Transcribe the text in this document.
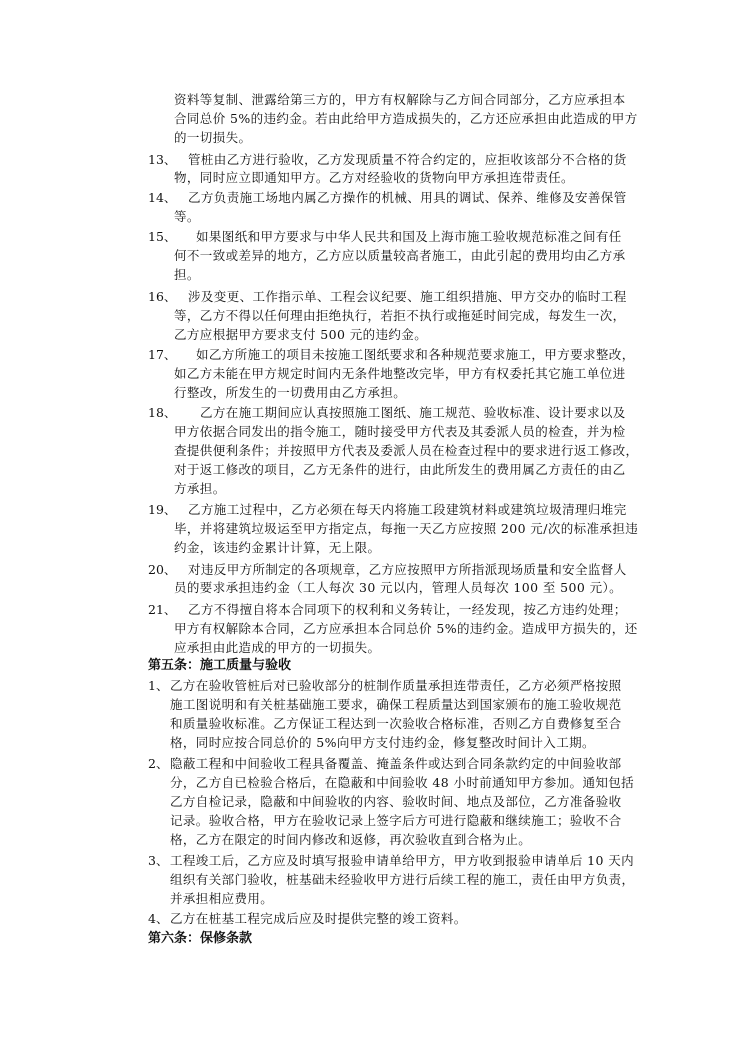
资料等复制、泄露给第三方的，甲方有权解除与乙方间合同部分，乙方应承担本
合同总价 5%的违约金。若由此给甲方造成损失的，乙方还应承担由此造成的甲方
的一切损失。
13、 管桩由乙方进行验收，乙方发现质量不符合约定的，应拒收该部分不合格的货
物，同时应立即通知甲方。乙方对经验收的货物向甲方承担连带责任。
14、 乙方负责施工场地内属乙方操作的机械、用具的调试、保养、维修及安善保管
等。
15、 如果图纸和甲方要求与中华人民共和国及上海市施工验收规范标准之间有任
何不一致或差异的地方，乙方应以质量较高者施工，由此引起的费用均由乙方承
担。
16、 涉及变更、工作指示单、工程会议纪要、施工组织措施、甲方交办的临时工程
等，乙方不得以任何理由拒绝执行，若拒不执行或拖延时间完成，每发生一次，
乙方应根据甲方要求支付 500 元的违约金。
17、 如乙方所施工的项目未按施工图纸要求和各种规范要求施工，甲方要求整改，
如乙方未能在甲方规定时间内无条件地整改完毕，甲方有权委托其它施工单位进
行整改，所发生的一切费用由乙方承担。
18、 乙方在施工期间应认真按照施工图纸、施工规范、验收标准、设计要求以及
甲方依据合同发出的指令施工，随时接受甲方代表及其委派人员的检查，并为检
查提供便利条件；并按照甲方代表及委派人员在检查过程中的要求进行返工修改，
对于返工修改的项目，乙方无条件的进行，由此所发生的费用属乙方责任的由乙
方承担。
19、 乙方施工过程中，乙方必须在每天内将施工段建筑材料或建筑垃圾清理归堆完
毕，并将建筑垃圾运至甲方指定点，每拖一天乙方应按照 200 元/次的标准承担违
约金，该违约金累计计算，无上限。
20、 对违反甲方所制定的各项规章，乙方应按照甲方所指派现场质量和安全监督人
员的要求承担违约金（工人每次 30 元以内，管理人员每次 100 至 500 元）。
21、 乙方不得擅自将本合同项下的权利和义务转让，一经发现，按乙方违约处理；
甲方有权解除本合同，乙方应承担本合同总价 5%的违约金。造成甲方损失的，还
应承担由此造成的甲方的一切损失。
第五条：施工质量与验收
1、 乙方在验收管桩后对已验收部分的桩制作质量承担连带责任，乙方必须严格按照
施工图说明和有关桩基础施工要求，确保工程质量达到国家颁布的施工验收规范
和质量验收标准。乙方保证工程达到一次验收合格标准，否则乙方自费修复至合
格，同时应按合同总价的 5%向甲方支付违约金，修复整改时间计入工期。
2、 隐蔽工程和中间验收工程具备覆盖、掩盖条件或达到合同条款约定的中间验收部
分，乙方自已检验合格后，在隐蔽和中间验收 48 小时前通知甲方参加。通知包括
乙方自检记录，隐蔽和中间验收的内容、验收时间、地点及部位，乙方准备验收
记录。验收合格，甲方在验收记录上签字后方可进行隐蔽和继续施工；验收不合
格，乙方在限定的时间内修改和返修，再次验收直到合格为止。
3、 工程竣工后，乙方应及时填写报验申请单给甲方，甲方收到报验申请单后 10 天内
组织有关部门验收，桩基础未经验收甲方进行后续工程的施工，责任由甲方负责，
并承担相应费用。
4、 乙方在桩基工程完成后应及时提供完整的竣工资料。
第六条：保修条款
